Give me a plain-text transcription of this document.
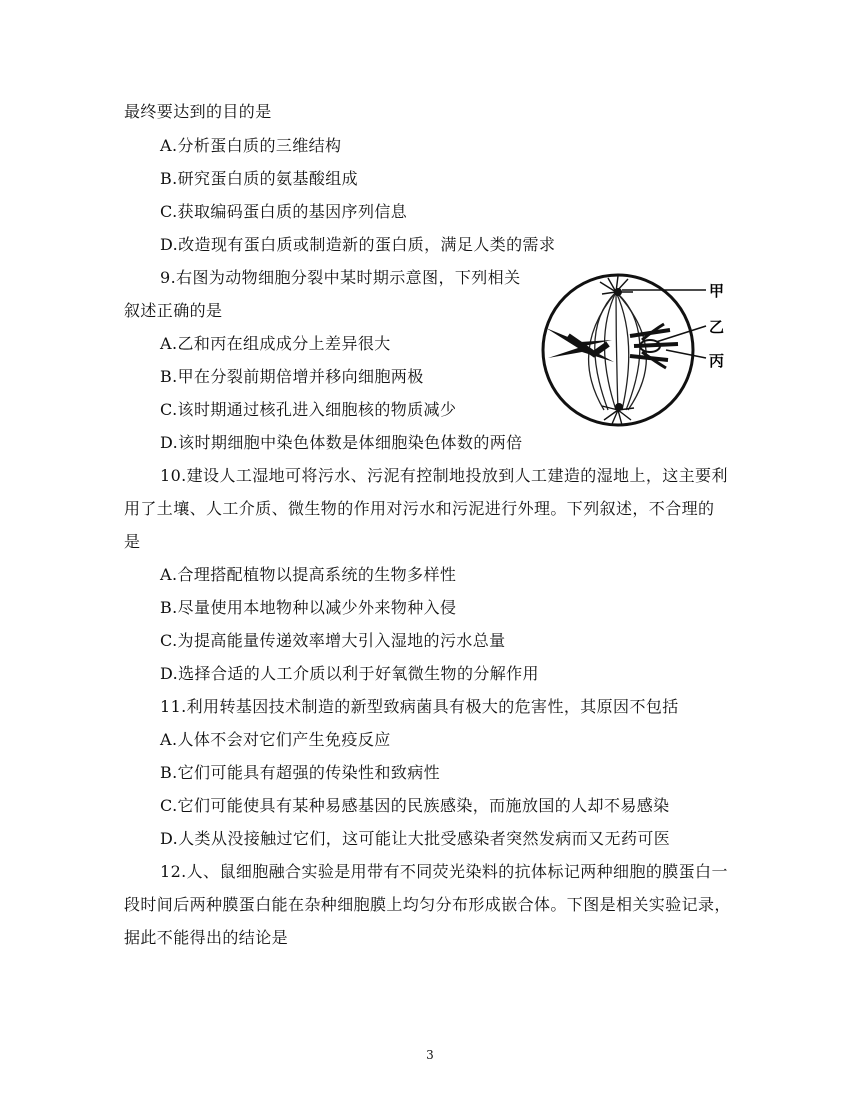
最终要达到的目的是
A.分析蛋白质的三维结构
B.研究蛋白质的氨基酸组成
C.获取编码蛋白质的基因序列信息
D.改造现有蛋白质或制造新的蛋白质，满足人类的需求
9.右图为动物细胞分裂中某时期示意图，下列相关
叙述正确的是
A.乙和丙在组成成分上差异很大
B.甲在分裂前期倍增并移向细胞两极
C.该时期通过核孔进入细胞核的物质减少
D.该时期细胞中染色体数是体细胞染色体数的两倍
10.建设人工湿地可将污水、污泥有控制地投放到人工建造的湿地上，这主要利
用了土壤、人工介质、微生物的作用对污水和污泥进行外理。下列叙述，不合理的
是
A.合理搭配植物以提高系统的生物多样性
B.尽量使用本地物种以减少外来物种入侵
C.为提高能量传递效率增大引入湿地的污水总量
D.选择合适的人工介质以利于好氧微生物的分解作用
11.利用转基因技术制造的新型致病菌具有极大的危害性，其原因不包括
A.人体不会对它们产生免疫反应
B.它们可能具有超强的传染性和致病性
C.它们可能使具有某种易感基因的民族感染，而施放国的人却不易感染
D.人类从没接触过它们，这可能让大批受感染者突然发病而又无药可医
12.人、鼠细胞融合实验是用带有不同荧光染料的抗体标记两种细胞的膜蛋白一
段时间后两种膜蛋白能在杂种细胞膜上均匀分布形成嵌合体。下图是相关实验记录，
据此不能得出的结论是
甲
乙
丙
3
